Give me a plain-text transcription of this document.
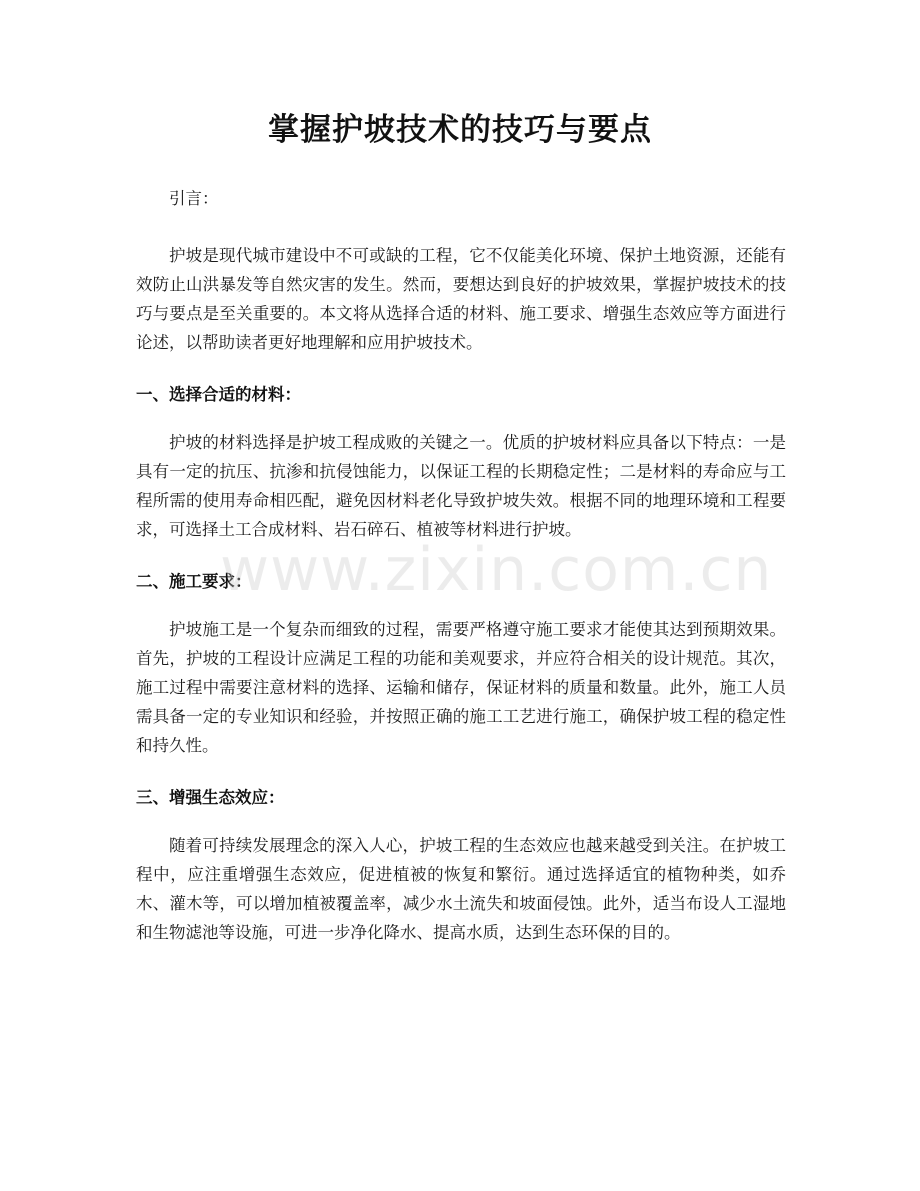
掌握护坡技术的技巧与要点

引言：

护坡是现代城市建设中不可或缺的工程，它不仅能美化环境、保护土地资源，还能有效防止山洪暴发等自然灾害的发生。然而，要想达到良好的护坡效果，掌握护坡技术的技巧与要点是至关重要的。本文将从选择合适的材料、施工要求、增强生态效应等方面进行论述，以帮助读者更好地理解和应用护坡技术。

一、选择合适的材料：

护坡的材料选择是护坡工程成败的关键之一。优质的护坡材料应具备以下特点：一是具有一定的抗压、抗渗和抗侵蚀能力，以保证工程的长期稳定性；二是材料的寿命应与工程所需的使用寿命相匹配，避免因材料老化导致护坡失效。根据不同的地理环境和工程要求，可选择土工合成材料、岩石碎石、植被等材料进行护坡。

二、施工要求：

护坡施工是一个复杂而细致的过程，需要严格遵守施工要求才能使其达到预期效果。首先，护坡的工程设计应满足工程的功能和美观要求，并应符合相关的设计规范。其次，施工过程中需要注意材料的选择、运输和储存，保证材料的质量和数量。此外，施工人员需具备一定的专业知识和经验，并按照正确的施工工艺进行施工，确保护坡工程的稳定性和持久性。

三、增强生态效应：

随着可持续发展理念的深入人心，护坡工程的生态效应也越来越受到关注。在护坡工程中，应注重增强生态效应，促进植被的恢复和繁衍。通过选择适宜的植物种类，如乔木、灌木等，可以增加植被覆盖率，减少水土流失和坡面侵蚀。此外，适当布设人工湿地和生物滤池等设施，可进一步净化降水、提高水质，达到生态环保的目的。

www.zixin.com.cn
